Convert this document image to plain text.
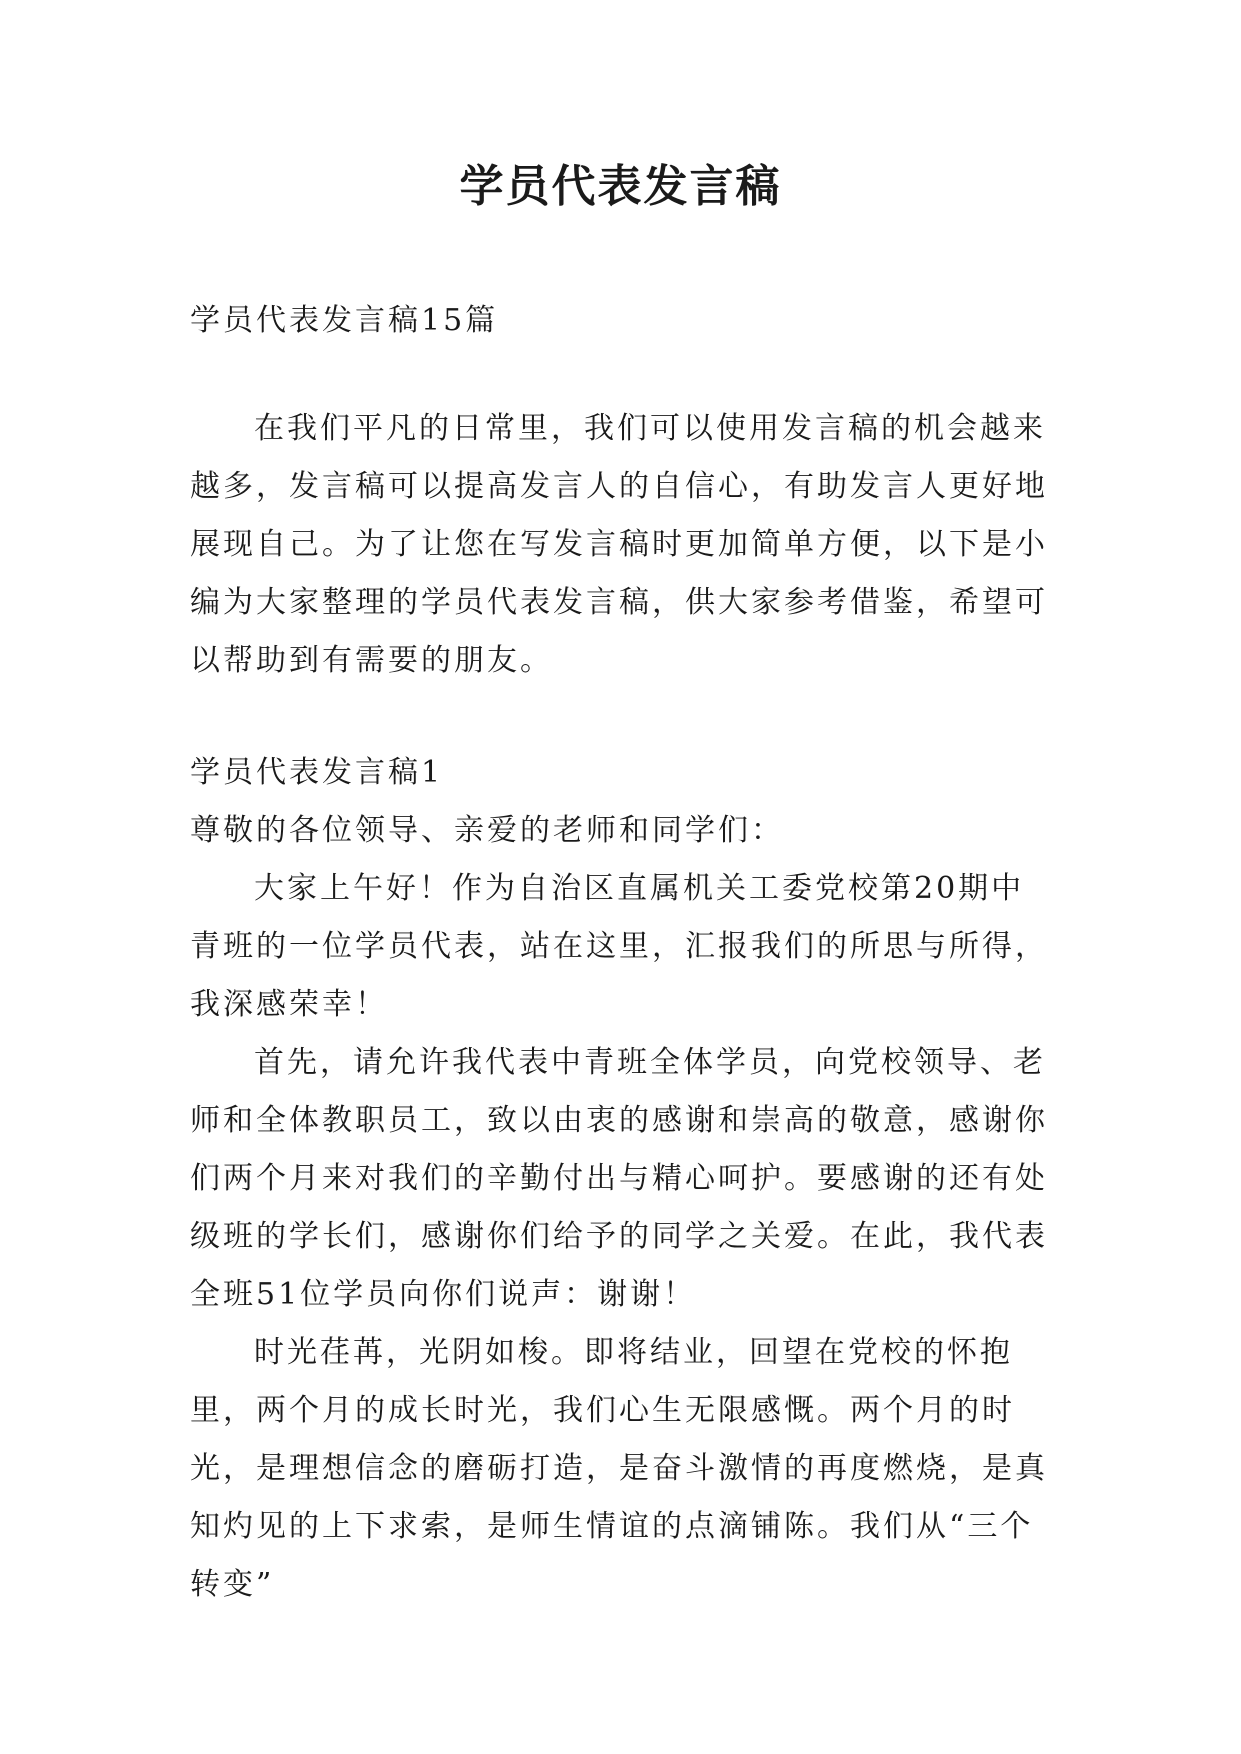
学员代表发言稿

学员代表发言稿15篇

在我们平凡的日常里，我们可以使用发言稿的机会越来越多，发言稿可以提高发言人的自信心，有助发言人更好地展现自己。为了让您在写发言稿时更加简单方便，以下是小编为大家整理的学员代表发言稿，供大家参考借鉴，希望可以帮助到有需要的朋友。

学员代表发言稿1

尊敬的各位领导、亲爱的老师和同学们：

大家上午好！作为自治区直属机关工委党校第20期中青班的一位学员代表，站在这里，汇报我们的所思与所得，我深感荣幸！

首先，请允许我代表中青班全体学员，向党校领导、老师和全体教职员工，致以由衷的感谢和崇高的敬意，感谢你们两个月来对我们的辛勤付出与精心呵护。要感谢的还有处级班的学长们，感谢你们给予的同学之关爱。在此，我代表全班51位学员向你们说声：谢谢！

时光荏苒，光阴如梭。即将结业，回望在党校的怀抱里，两个月的成长时光，我们心生无限感慨。两个月的时光，是理想信念的磨砺打造，是奋斗激情的再度燃烧，是真知灼见的上下求索，是师生情谊的点滴铺陈。我们从“三个转变”
